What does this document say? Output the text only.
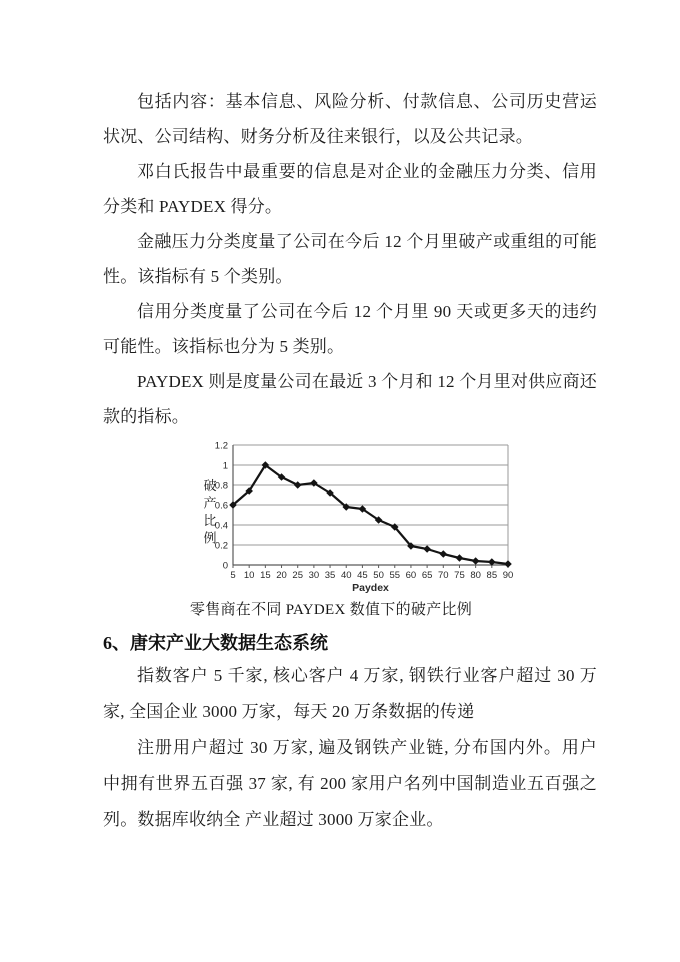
包括内容：基本信息、风险分析、付款信息、公司历史营运状况、公司结构、财务分析及往来银行，以及公共记录。

邓白氏报告中最重要的信息是对企业的金融压力分类、信用分类和 PAYDEX 得分。

金融压力分类度量了公司在今后 12 个月里破产或重组的可能性。该指标有 5 个类别。

信用分类度量了公司在今后 12 个月里 90 天或更多天的违约可能性。该指标也分为 5 类别。

PAYDEX 则是度量公司在最近 3 个月和 12 个月里对供应商还款的指标。

0
0.2
0.4
0.6
0.8
1
1.2
5 10 15 20 25 30 35 40 45 50 55 60 65 70 75 80 85 90
破
产
比
例
Paydex
零售商在不同 PAYDEX 数值下的破产比例
6、唐宋产业大数据生态系统

指数客户 5 千家, 核心客户 4 万家, 钢铁行业客户超过 30 万家, 全国企业 3000 万家，每天 20 万条数据的传递

注册用户超过 30 万家, 遍及钢铁产业链, 分布国内外。用户 中拥有世界五百强 37 家, 有 200 家用户名列中国制造业五百强之列。数据库收纳全 产业超过 3000 万家企业。
